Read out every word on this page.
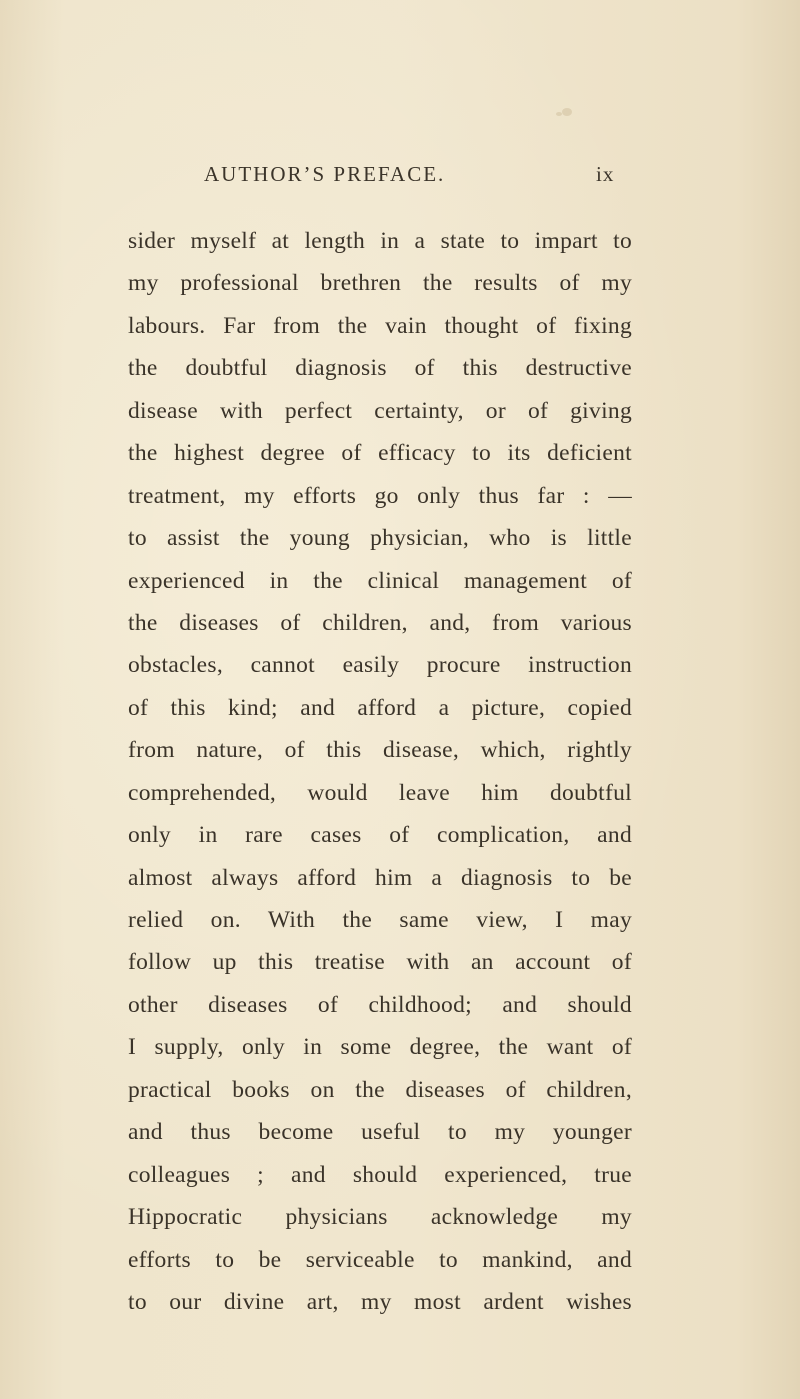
AUTHOR’S PREFACE.	ix
sider myself at length in a state to impart to
my professional brethren the results of my
labours. Far from the vain thought of fixing
the doubtful diagnosis of this destructive
disease with perfect certainty, or of giving
the highest degree of efficacy to its deficient
treatment, my efforts go only thus far : —
to assist the young physician, who is little
experienced in the clinical management of
the diseases of children, and, from various
obstacles, cannot easily procure instruction
of this kind; and afford a picture, copied
from nature, of this disease, which, rightly
comprehended, would leave him doubtful
only in rare cases of complication, and
almost always afford him a diagnosis to be
relied on. With the same view, I may
follow up this treatise with an account of
other diseases of childhood; and should
I supply, only in some degree, the want of
practical books on the diseases of children,
and thus become useful to my younger
colleagues ; and should experienced, true
Hippocratic physicians acknowledge my
efforts to be serviceable to mankind, and
to our divine art, my most ardent wishes
